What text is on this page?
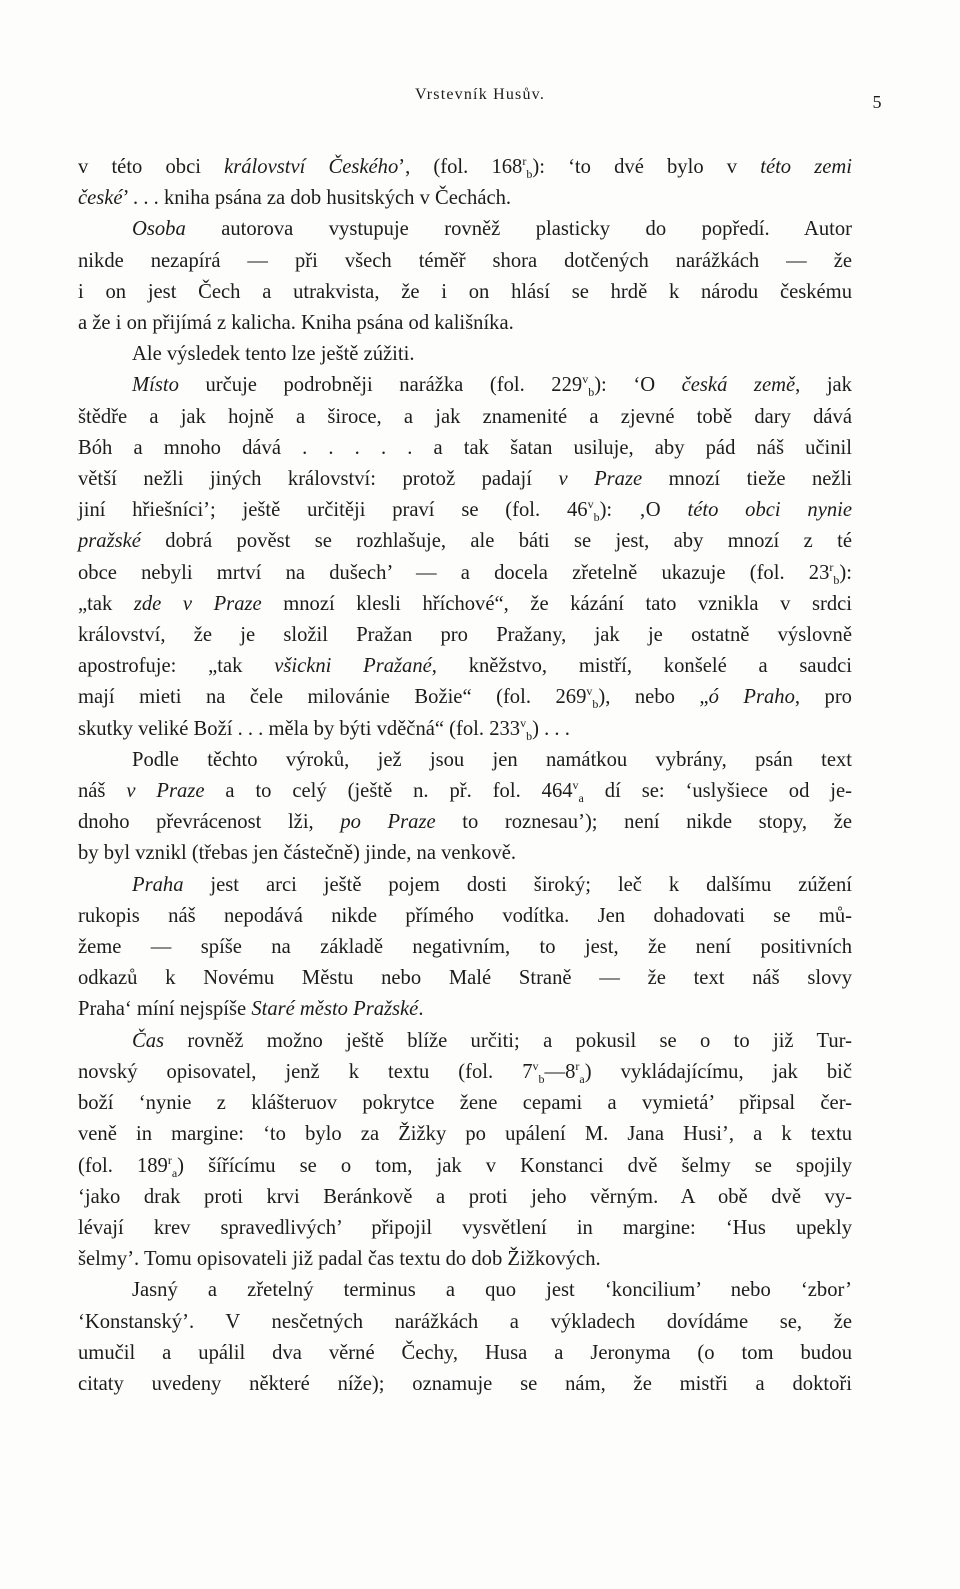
Vrstevník Husův.	5
v této obci království Českého’, (fol. $168^r_b$): ‘to dvé bylo v této zemi
české’ . . . kniha psána za dob husitských v Čechách.
Osoba autorova vystupuje rovněž plasticky do popředí. Autor
nikde nezapírá — při všech téměř shora dotčených narážkách — že
i on jest Čech a utrakvista, že i on hlásí se hrdě k národu českému
a že i on přijímá z kalicha. Kniha psána od kališníka.
Ale výsledek tento lze ještě zúžiti.
Místo určuje podrobněji narážka (fol. $229^v_b$): ‘O česká země, jak
štědře a jak hojně a široce, a jak znamenité a zjevné tobě dary dává
Bóh a mnoho dává . . . . . a tak šatan usiluje, aby pád náš učinil
větší nežli jiných království: protož padají v Praze mnozí tieže nežli
jiní hřiešníci’; ještě určitěji praví se (fol. $46^v_b$): ‚O této obci nynie
pražské dobrá pověst se rozhlašuje, ale báti se jest, aby mnozí z té
obce nebyli mrtví na dušech’ — a docela zřetelně ukazuje (fol. $23^r_b$):
„tak zde v Praze mnozí klesli hříchové“, že kázání tato vznikla v srdci
království, že je složil Pražan pro Pražany, jak je ostatně výslovně
apostrofuje: „tak všickni Pražané, kněžstvo, mistří, konšelé a saudci
mají mieti na čele milovánie Božie“ (fol. $269^v_b$), nebo „ó Praho, pro
skutky veliké Boží . . . měla by býti vděčná“ (fol. $233^v_b$) . . .
Podle těchto výroků, jež jsou jen namátkou vybrány, psán text
náš v Praze a to celý (ještě n. př. fol. $464^v_a$ dí se: ‘uslyšiece od je-
dnoho převrácenost lži, po Praze to roznesau’); není nikde stopy, že
by byl vznikl (třebas jen částečně) jinde, na venkově.
Praha jest arci ještě pojem dosti široký; leč k dalšímu zúžení
rukopis náš nepodává nikde přímého vodítka. Jen dohadovati se mů-
žeme — spíše na základě negativním, to jest, že není positivních
odkazů k Novému Městu nebo Malé Straně — že text náš slovy
Praha‘ míní nejspíše Staré město Pražské.
Čas rovněž možno ještě blíže určiti; a pokusil se o to již Tur-
novský opisovatel, jenž k textu (fol. $7^v_b—8^r_a$) vykládajícímu, jak bič
boží ‘nynie z klášteruov pokrytce žene cepami a vymietá’ připsal čer-
veně in margine: ‘to bylo za Žižky po upálení M. Jana Husi’, a k textu
(fol. $189^r_a$) šířícímu se o tom, jak v Konstanci dvě šelmy se spojily
‘jako drak proti krvi Beránkově a proti jeho věrným. A obě dvě vy-
lévají krev spravedlivých’ připojil vysvětlení in margine: ‘Hus upekly
šelmy’. Tomu opisovateli již padal čas textu do dob Žižkových.
Jasný a zřetelný terminus a quo jest ‘koncilium’ nebo ‘zbor’
‘Konstanský’. V nesčetných narážkách a výkladech dovídáme se, že
umučil a upálil dva věrné Čechy, Husa a Jeronyma (o tom budou
citaty uvedeny některé níže); oznamuje se nám, že mistři a doktoři
